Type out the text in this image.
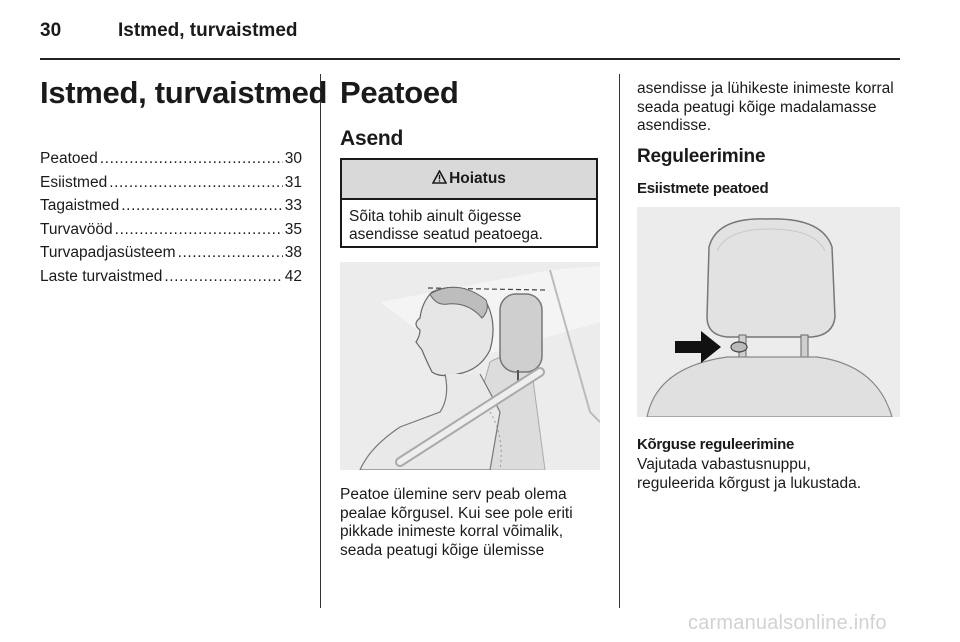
30	Istmed, turvaistmed
Istmed, turvaistmed
Peatoed .....	30
Esiistmed .....	31
Tagaistmed .....	33
Turvavööd .....	35
Turvapadjasüsteem .....	38
Laste turvaistmed .....	42
Peatoed
Asend
Hoiatus
Sõita tohib ainult õigesse
asendisse seatud peatoega.
Peatoe ülemine serv peab olema
pealae kõrgusel. Kui see pole eriti
pikkade inimeste korral võimalik,
seada peatugi kõige ülemisse
asendisse ja lühikeste inimeste korral
seada peatugi kõige madalamasse
asendisse.
Reguleerimine
Esiistmete peatoed
Kõrguse reguleerimine
Vajutada vabastusnuppu,
reguleerida kõrgust ja lukustada.
carmanualsonline.info
